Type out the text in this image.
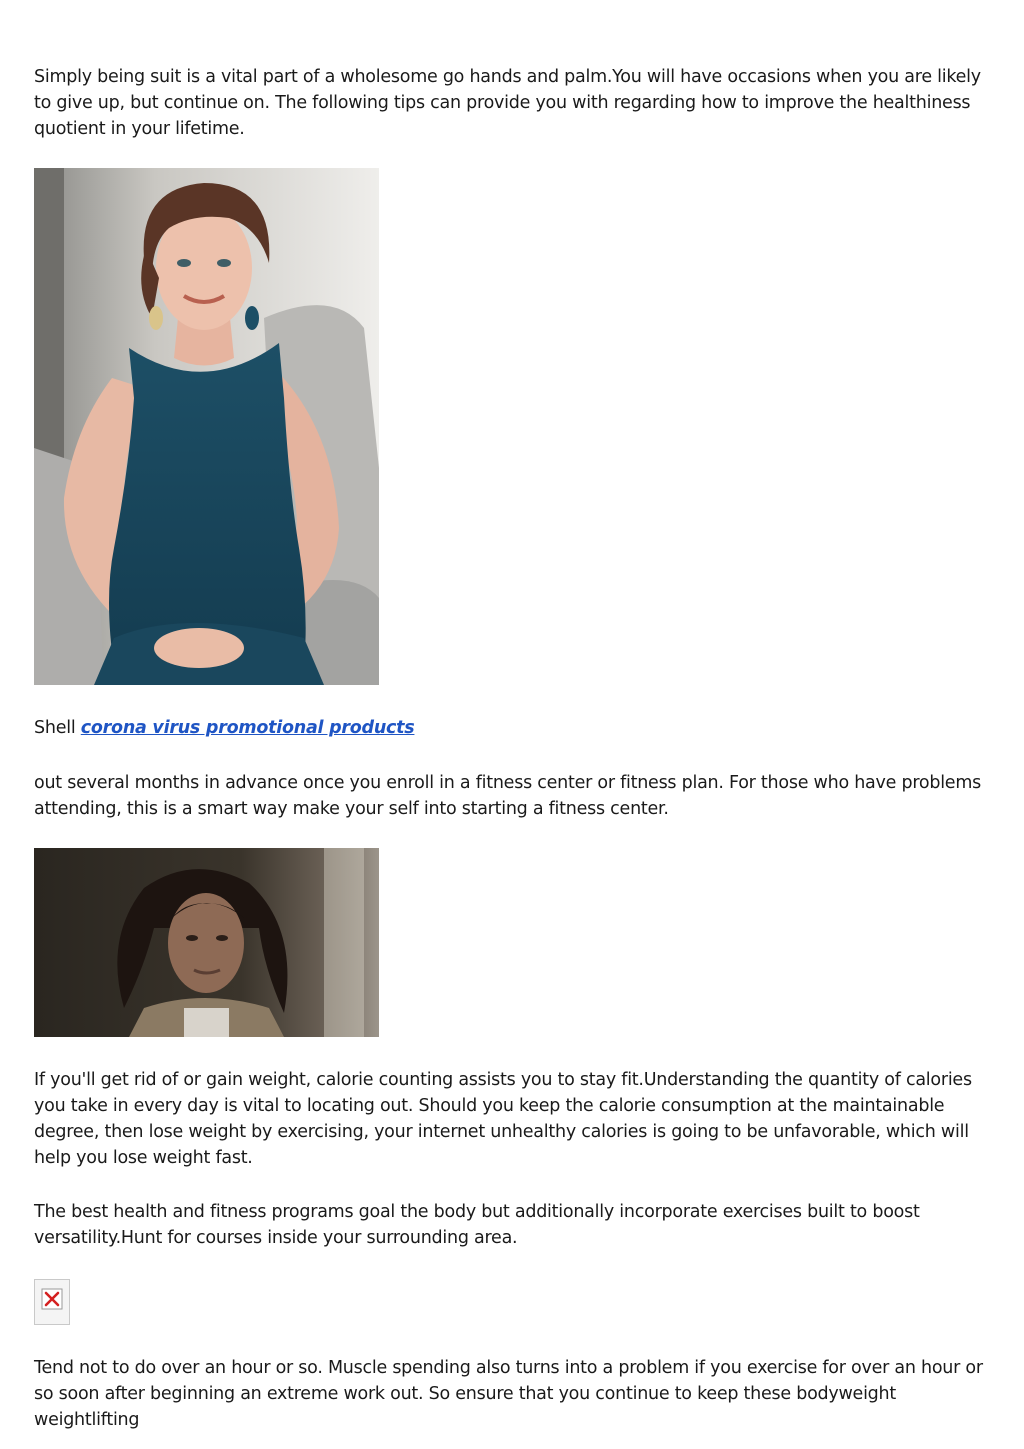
Simply being suit is a vital part of a wholesome go hands and palm.You will have occasions when you are likely to give up, but continue on. The following tips can provide you with regarding how to improve the healthiness quotient in your lifetime.

Shell corona virus promotional products

out several months in advance once you enroll in a fitness center or fitness plan. For those who have problems attending, this is a smart way make your self into starting a fitness center.

If you'll get rid of or gain weight, calorie counting assists you to stay fit.Understanding the quantity of calories you take in every day is vital to locating out. Should you keep the calorie consumption at the maintainable degree, then lose weight by exercising, your internet unhealthy calories is going to be unfavorable, which will help you lose weight fast.

The best health and fitness programs goal the body but additionally incorporate exercises built to boost versatility.Hunt for courses inside your surrounding area.

Tend not to do over an hour or so. Muscle spending also turns into a problem if you exercise for over an hour or so soon after beginning an extreme work out. So ensure that you continue to keep these bodyweight weightlifting
